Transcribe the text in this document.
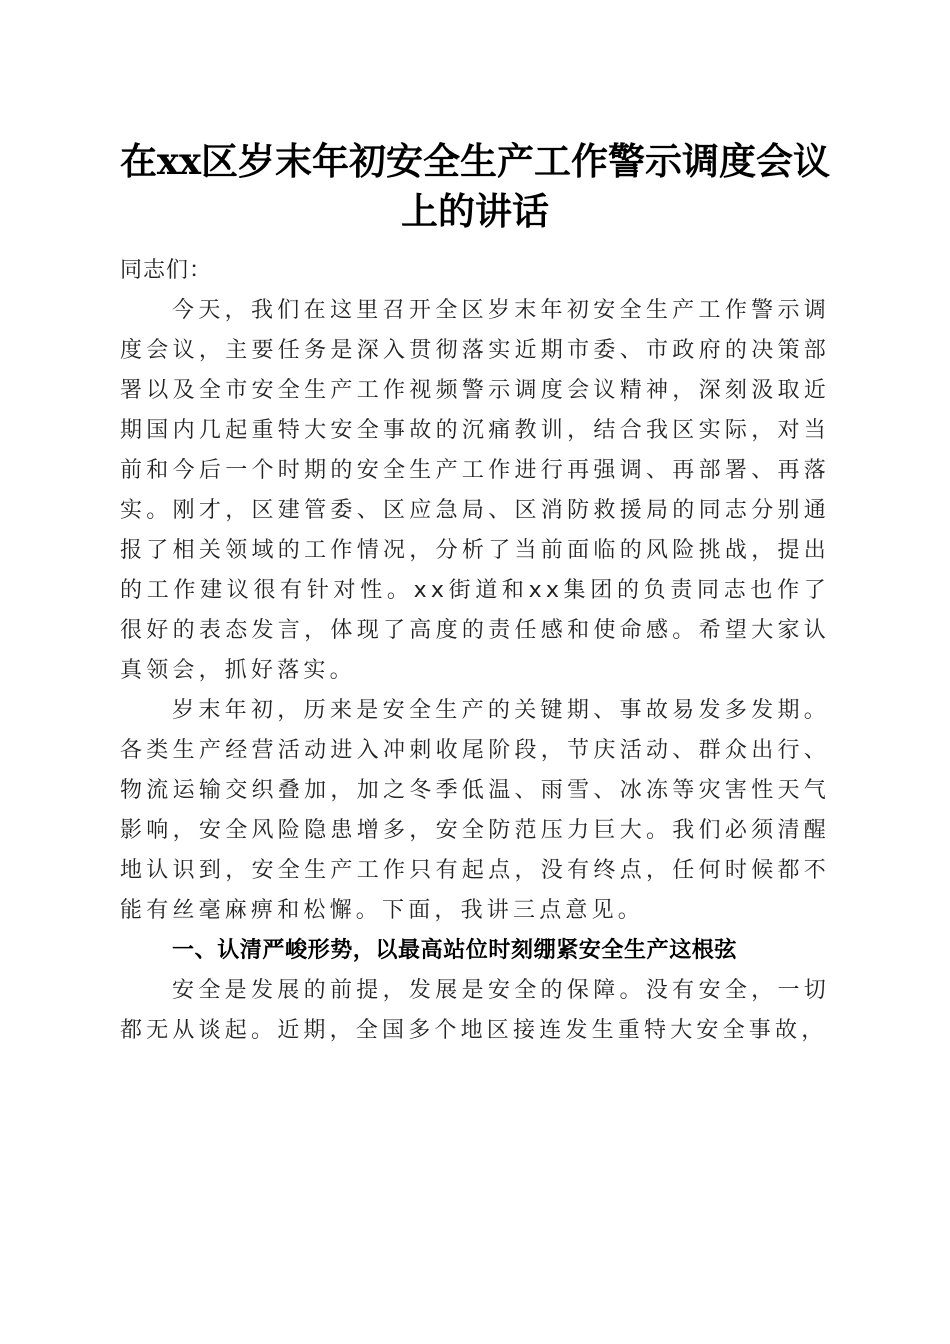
在xx区岁末年初安全生产工作警示调度会议
上的讲话

同志们：

今天，我们在这里召开全区岁末年初安全生产工作警示调度会议，主要任务是深入贯彻落实近期市委、市政府的决策部署以及全市安全生产工作视频警示调度会议精神，深刻汲取近期国内几起重特大安全事故的沉痛教训，结合我区实际，对当前和今后一个时期的安全生产工作进行再强调、再部署、再落实。刚才，区建管委、区应急局、区消防救援局的同志分别通报了相关领域的工作情况，分析了当前面临的风险挑战，提出的工作建议很有针对性。xx街道和xx集团的负责同志也作了很好的表态发言，体现了高度的责任感和使命感。希望大家认真领会，抓好落实。

岁末年初，历来是安全生产的关键期、事故易发多发期。各类生产经营活动进入冲刺收尾阶段，节庆活动、群众出行、物流运输交织叠加，加之冬季低温、雨雪、冰冻等灾害性天气影响，安全风险隐患增多，安全防范压力巨大。我们必须清醒地认识到，安全生产工作只有起点，没有终点，任何时候都不能有丝毫麻痹和松懈。下面，我讲三点意见。

一、认清严峻形势，以最高站位时刻绷紧安全生产这根弦

安全是发展的前提，发展是安全的保障。没有安全，一切都无从谈起。近期，全国多个地区接连发生重特大安全事故，
